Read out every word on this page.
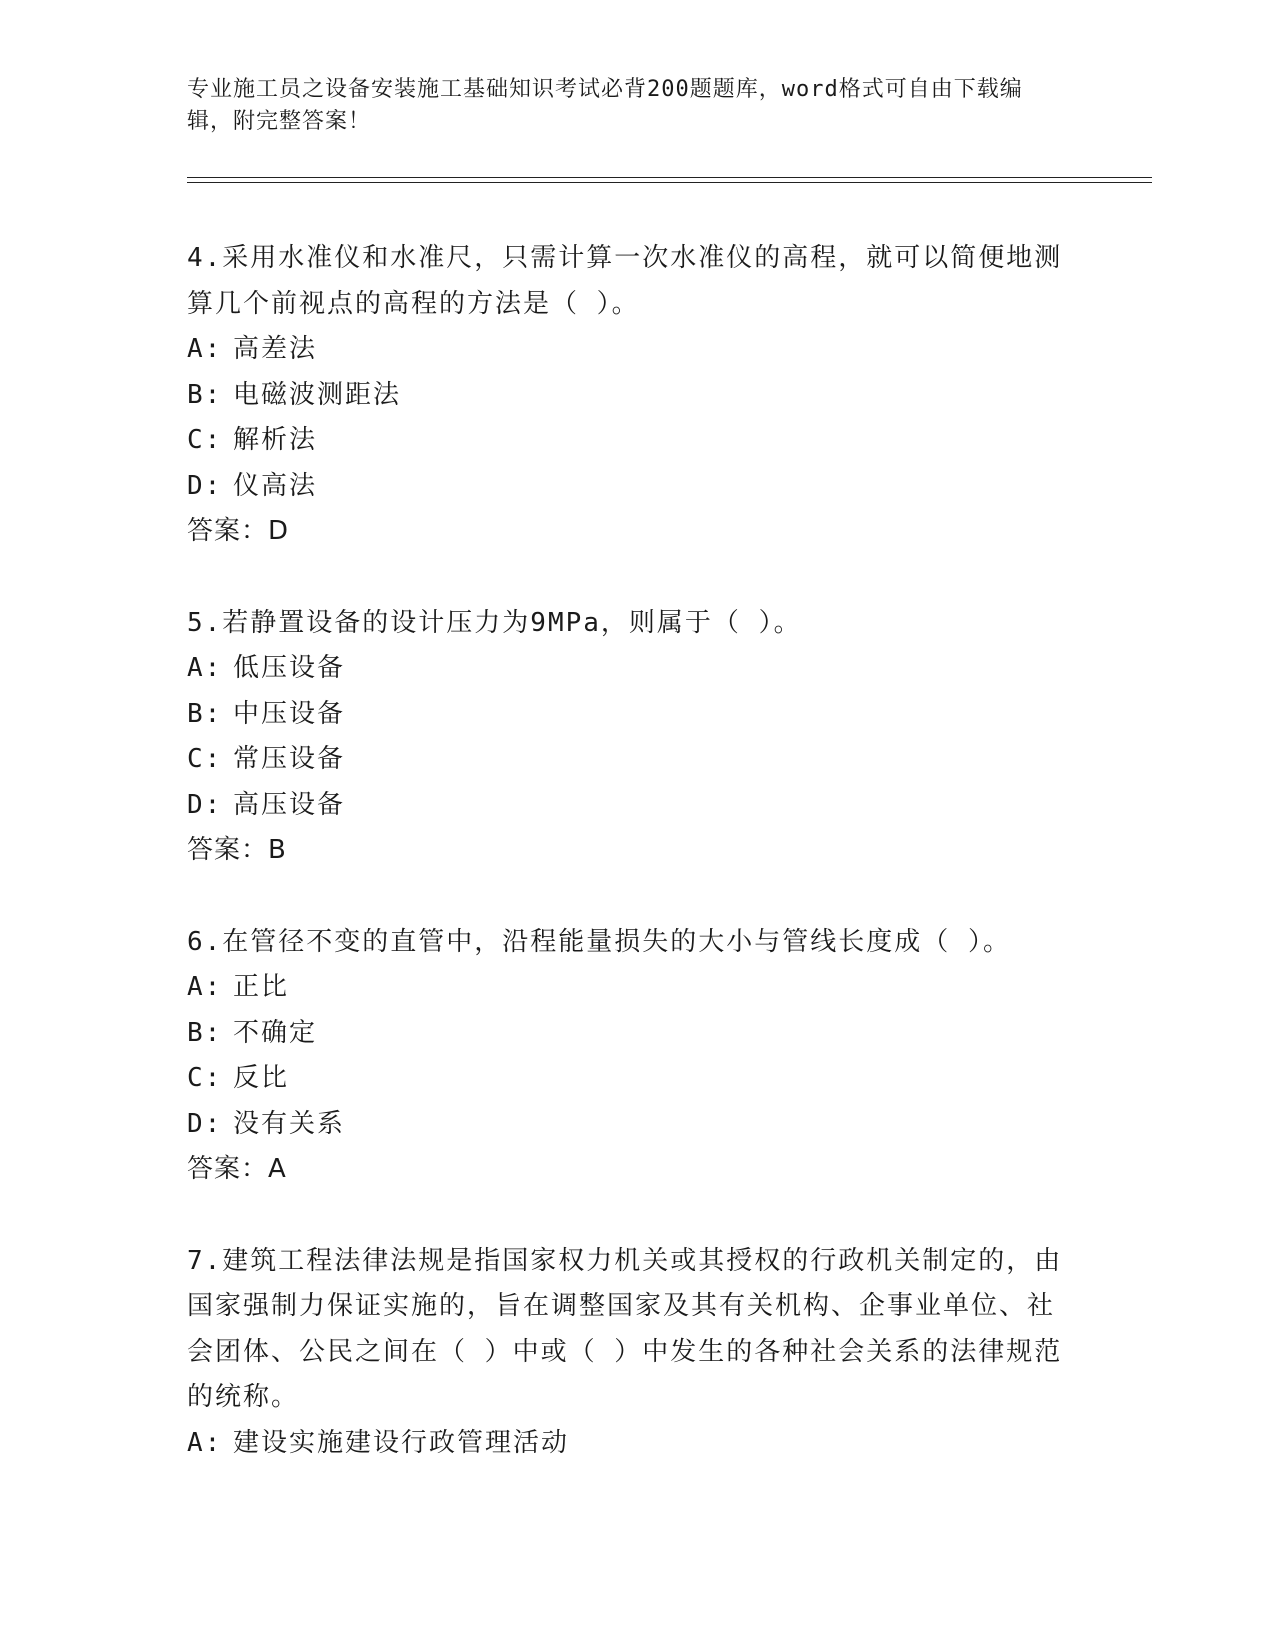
专业施工员之设备安装施工基础知识考试必背200题题库，word格式可自由下载编辑，附完整答案！
4.采用水准仪和水准尺，只需计算一次水准仪的高程，就可以简便地测算几个前视点的高程的方法是（ ）。
A: 高差法
B: 电磁波测距法
C: 解析法
D: 仪高法
答案：D
5.若静置设备的设计压力为9MPa，则属于（ ）。
A: 低压设备
B: 中压设备
C: 常压设备
D: 高压设备
答案：B
6.在管径不变的直管中，沿程能量损失的大小与管线长度成（ ）。
A: 正比
B: 不确定
C: 反比
D: 没有关系
答案：A
7.建筑工程法律法规是指国家权力机关或其授权的行政机关制定的，由国家强制力保证实施的，旨在调整国家及其有关机构、企事业单位、社会团体、公民之间在（ ）中或（ ）中发生的各种社会关系的法律规范的统称。
A: 建设实施建设行政管理活动
